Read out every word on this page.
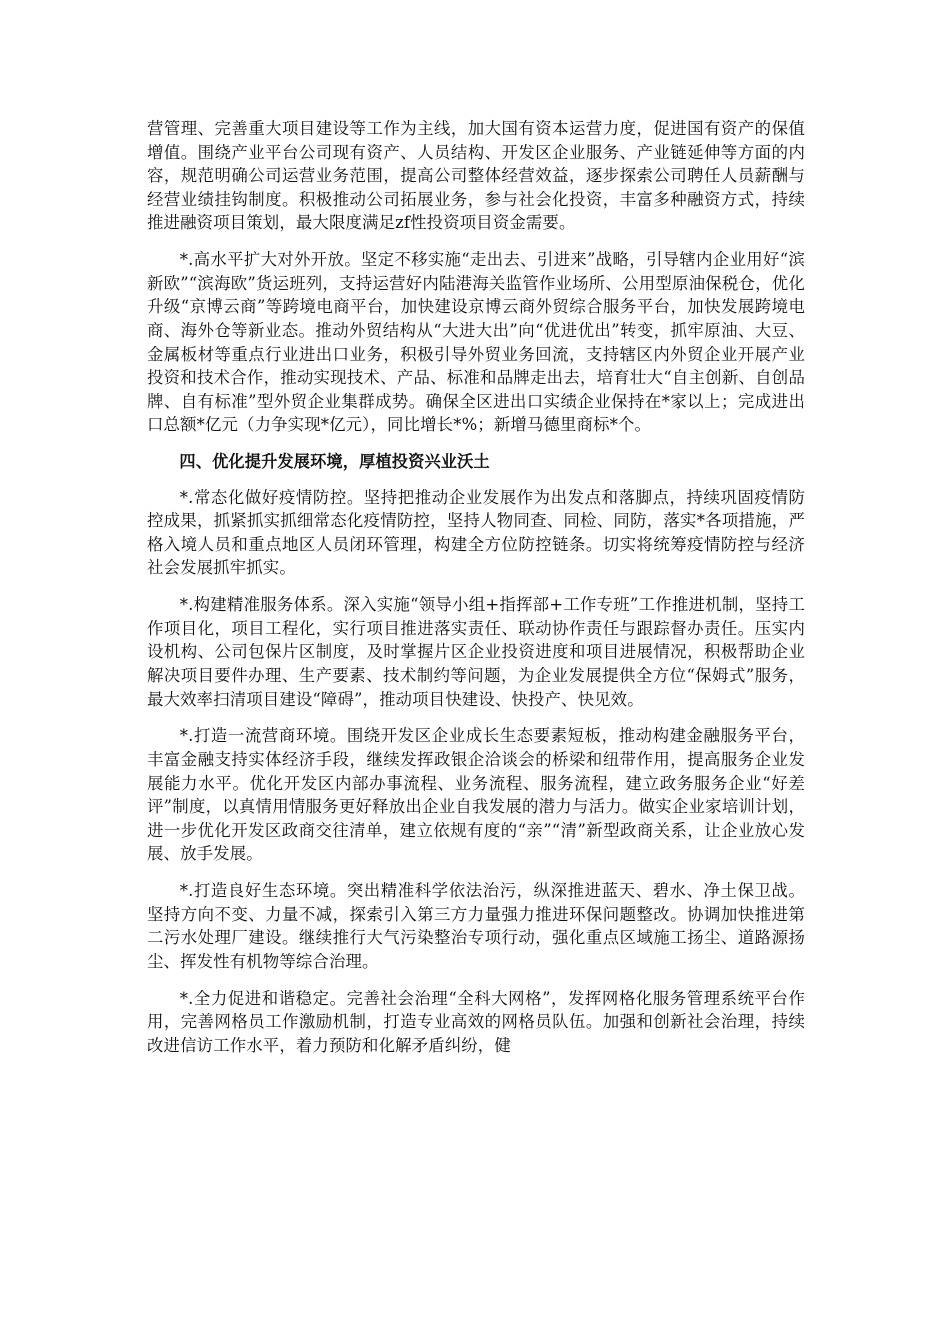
营管理、完善重大项目建设等工作为主线，加大国有资本运营力度，促进国有资产的保值增值。围绕产业平台公司现有资产、人员结构、开发区企业服务、产业链延伸等方面的内容，规范明确公司运营业务范围，提高公司整体经营效益，逐步探索公司聘任人员薪酬与经营业绩挂钩制度。积极推动公司拓展业务，参与社会化投资，丰富多种融资方式，持续推进融资项目策划，最大限度满足zf性投资项目资金需要。

*.高水平扩大对外开放。坚定不移实施“走出去、引进来”战略，引导辖内企业用好“滨新欧”“滨海欧”货运班列，支持运营好内陆港海关监管作业场所、公用型原油保税仓，优化升级“京博云商”等跨境电商平台，加快建设京博云商外贸综合服务平台，加快发展跨境电商、海外仓等新业态。推动外贸结构从“大进大出”向“优进优出”转变，抓牢原油、大豆、金属板材等重点行业进出口业务，积极引导外贸业务回流，支持辖区内外贸企业开展产业投资和技术合作，推动实现技术、产品、标准和品牌走出去，培育壮大“自主创新、自创品牌、自有标准”型外贸企业集群成势。确保全区进出口实绩企业保持在*家以上；完成进出口总额*亿元（力争实现*亿元），同比增长*%；新增马德里商标*个。

四、优化提升发展环境，厚植投资兴业沃土

*.常态化做好疫情防控。坚持把推动企业发展作为出发点和落脚点，持续巩固疫情防控成果，抓紧抓实抓细常态化疫情防控，坚持人物同查、同检、同防，落实*各项措施，严格入境人员和重点地区人员闭环管理，构建全方位防控链条。切实将统筹疫情防控与经济社会发展抓牢抓实。

*.构建精准服务体系。深入实施“领导小组+指挥部+工作专班”工作推进机制，坚持工作项目化，项目工程化，实行项目推进落实责任、联动协作责任与跟踪督办责任。压实内设机构、公司包保片区制度，及时掌握片区企业投资进度和项目进展情况，积极帮助企业解决项目要件办理、生产要素、技术制约等问题，为企业发展提供全方位“保姆式”服务，最大效率扫清项目建设“障碍”，推动项目快建设、快投产、快见效。

*.打造一流营商环境。围绕开发区企业成长生态要素短板，推动构建金融服务平台，丰富金融支持实体经济手段，继续发挥政银企洽谈会的桥梁和纽带作用，提高服务企业发展能力水平。优化开发区内部办事流程、业务流程、服务流程，建立政务服务企业“好差评”制度，以真情用情服务更好释放出企业自我发展的潜力与活力。做实企业家培训计划，进一步优化开发区政商交往清单，建立依规有度的“亲”“清”新型政商关系，让企业放心发展、放手发展。

*.打造良好生态环境。突出精准科学依法治污，纵深推进蓝天、碧水、净土保卫战。坚持方向不变、力量不减，探索引入第三方力量强力推进环保问题整改。协调加快推进第二污水处理厂建设。继续推行大气污染整治专项行动，强化重点区域施工扬尘、道路源扬尘、挥发性有机物等综合治理。

*.全力促进和谐稳定。完善社会治理“全科大网格”，发挥网格化服务管理系统平台作用，完善网格员工作激励机制，打造专业高效的网格员队伍。加强和创新社会治理，持续改进信访工作水平，着力预防和化解矛盾纠纷，健
